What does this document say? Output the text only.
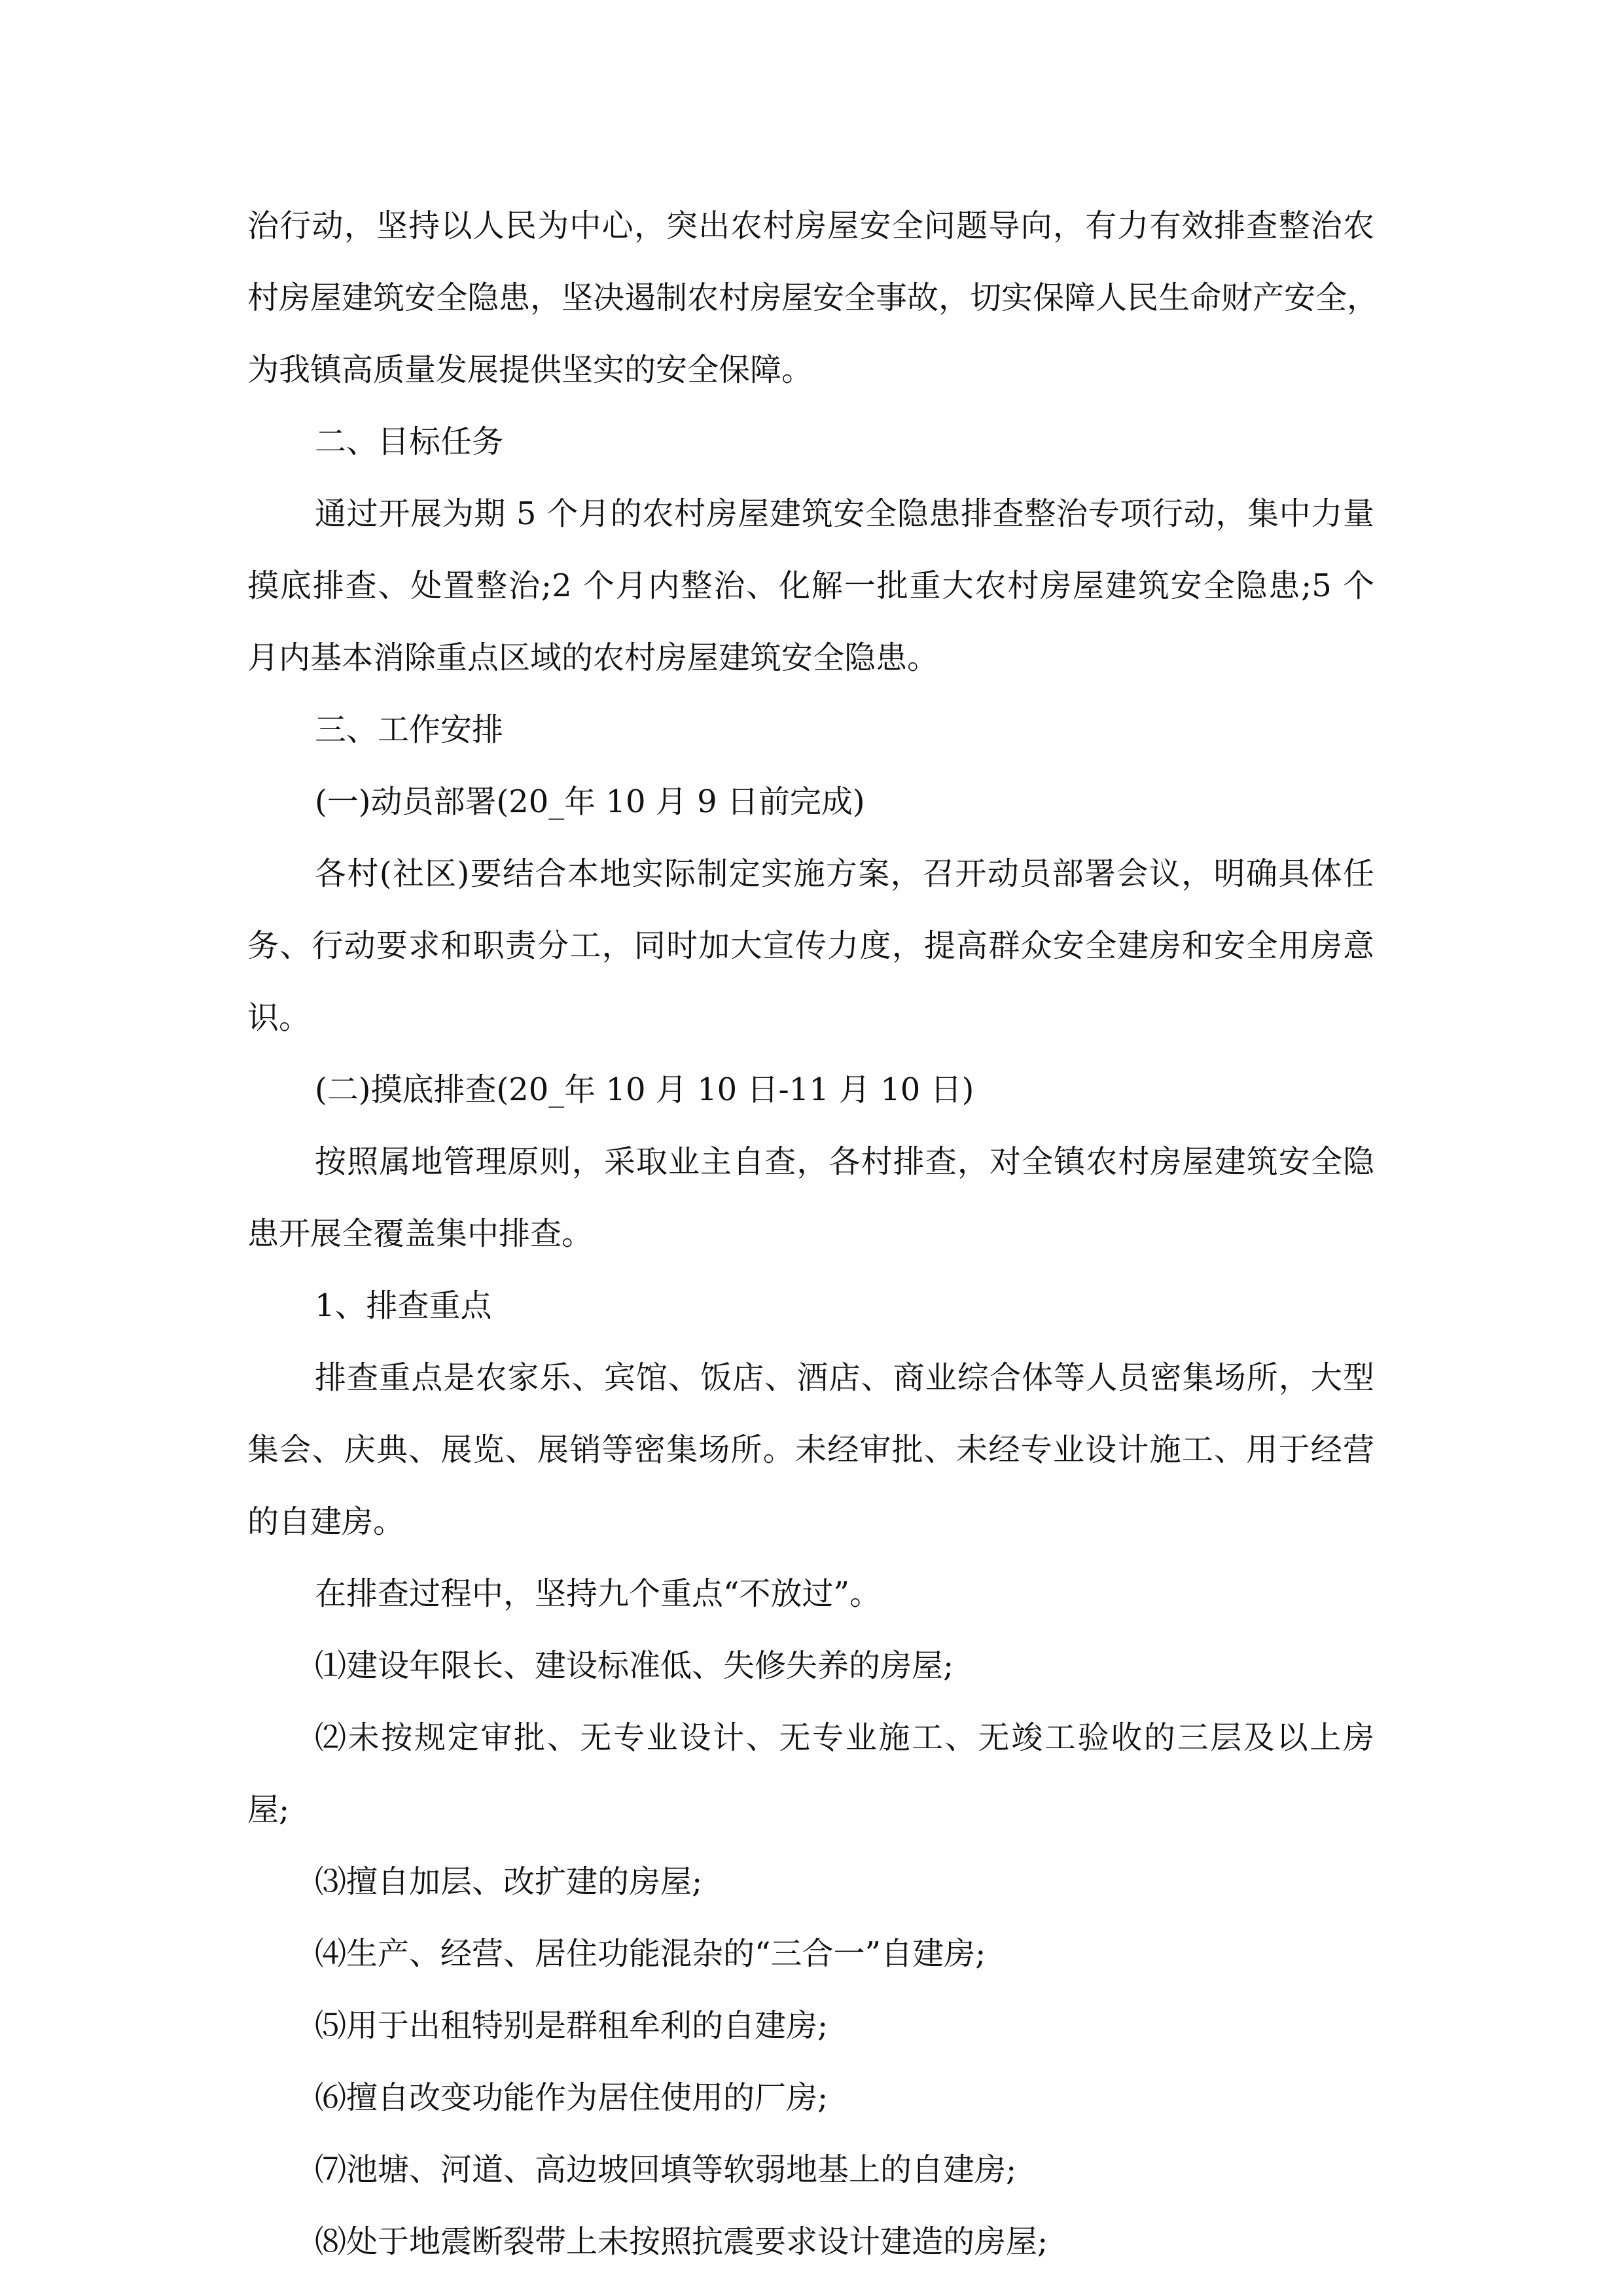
治行动，坚持以人民为中心，突出农村房屋安全问题导向，有力有效排查整治农
村房屋建筑安全隐患，坚决遏制农村房屋安全事故，切实保障人民生命财产安全，
为我镇高质量发展提供坚实的安全保障。
二、目标任务
通过开展为期 5 个月的农村房屋建筑安全隐患排查整治专项行动，集中力量
摸底排查、处置整治;2 个月内整治、化解一批重大农村房屋建筑安全隐患;5 个
月内基本消除重点区域的农村房屋建筑安全隐患。
三、工作安排
(一)动员部署(20_年 10 月 9 日前完成)
各村(社区)要结合本地实际制定实施方案，召开动员部署会议，明确具体任
务、行动要求和职责分工，同时加大宣传力度，提高群众安全建房和安全用房意
识。
(二)摸底排查(20_年 10 月 10 日-11 月 10 日)
按照属地管理原则，采取业主自查，各村排查，对全镇农村房屋建筑安全隐
患开展全覆盖集中排查。
1、排查重点
排查重点是农家乐、宾馆、饭店、酒店、商业综合体等人员密集场所，大型
集会、庆典、展览、展销等密集场所。未经审批、未经专业设计施工、用于经营
的自建房。
在排查过程中，坚持九个重点“不放过”。
⑴建设年限长、建设标准低、失修失养的房屋;
⑵未按规定审批、无专业设计、无专业施工、无竣工验收的三层及以上房
屋;
⑶擅自加层、改扩建的房屋;
⑷生产、经营、居住功能混杂的“三合一”自建房;
⑸用于出租特别是群租牟利的自建房;
⑹擅自改变功能作为居住使用的厂房;
⑺池塘、河道、高边坡回填等软弱地基上的自建房;
⑻处于地震断裂带上未按照抗震要求设计建造的房屋;
